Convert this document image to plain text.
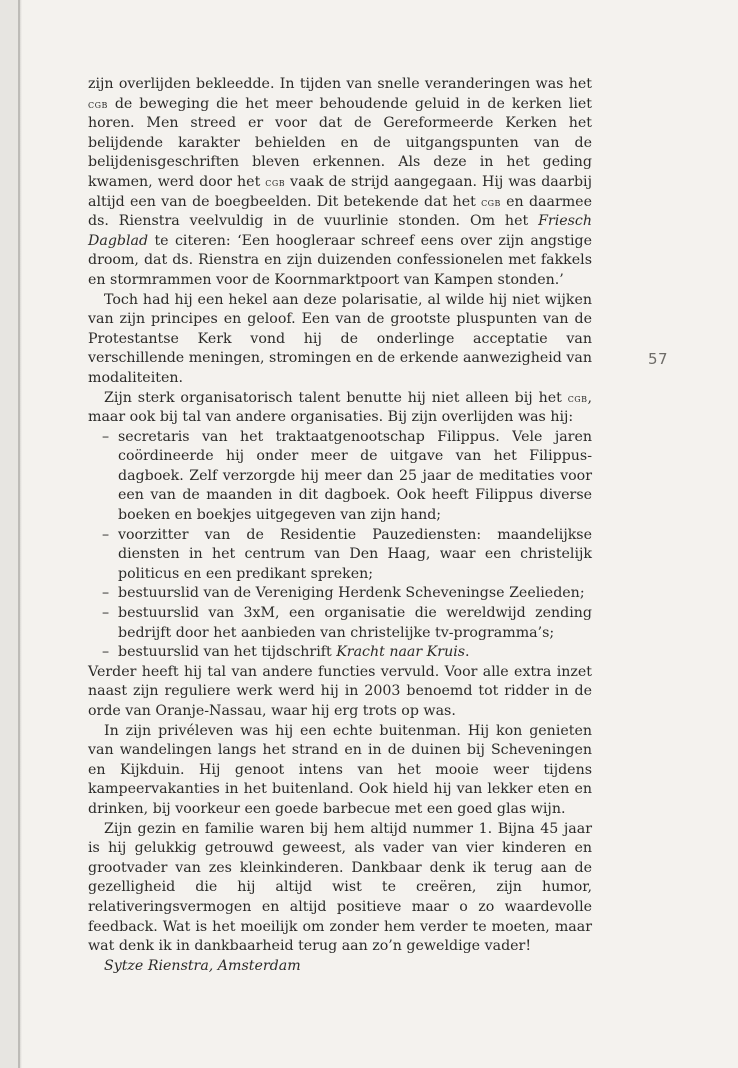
zijn overlijden bekleedde. In tijden van snelle veranderingen was het cgb de beweging die het meer behoudende geluid in de kerken liet horen. Men streed er voor dat de Gereformeerde Kerken het belijdende karakter behielden en de uitgangspunten van de belijdenisgeschriften bleven erkennen. Als deze in het geding kwamen, werd door het cgb vaak de strijd aangegaan. Hij was daarbij altijd een van de boegbeelden. Dit betekende dat het cgb en daarmee ds. Rienstra veelvuldig in de vuurlinie stonden. Om het Friesch Dagblad te citeren: ‘Een hoogleraar schreef eens over zijn angstige droom, dat ds. Rienstra en zijn duizenden confessionelen met fakkels en stormrammen voor de Koornmarktpoort van Kampen stonden.’

Toch had hij een hekel aan deze polarisatie, al wilde hij niet wijken van zijn principes en geloof. Een van de grootste pluspunten van de Protestantse Kerk vond hij de onderlinge acceptatie van verschillende meningen, stromingen en de erkende aanwezigheid van modaliteiten.

Zijn sterk organisatorisch talent benutte hij niet alleen bij het cgb, maar ook bij tal van andere organisaties. Bij zijn overlijden was hij:

– secretaris van het traktaatgenootschap Filippus. Vele jaren coördineerde hij onder meer de uitgave van het Filippus-dagboek. Zelf verzorgde hij meer dan 25 jaar de meditaties voor een van de maanden in dit dagboek. Ook heeft Filippus diverse boeken en boekjes uitgegeven van zijn hand;
– voorzitter van de Residentie Pauzediensten: maandelijkse diensten in het centrum van Den Haag, waar een christelijk politicus en een predikant spreken;
– bestuurslid van de Vereniging Herdenk Scheveningse Zeelieden;
– bestuurslid van 3xM, een organisatie die wereldwijd zending bedrijft door het aanbieden van christelijke tv-programma’s;
– bestuurslid van het tijdschrift Kracht naar Kruis.

Verder heeft hij tal van andere functies vervuld. Voor alle extra inzet naast zijn reguliere werk werd hij in 2003 benoemd tot ridder in de orde van Oranje-Nassau, waar hij erg trots op was.

In zijn privéleven was hij een echte buitenman. Hij kon genieten van wandelingen langs het strand en in de duinen bij Scheveningen en Kijkduin. Hij genoot intens van het mooie weer tijdens kampeervakanties in het buitenland. Ook hield hij van lekker eten en drinken, bij voorkeur een goede barbecue met een goed glas wijn.

Zijn gezin en familie waren bij hem altijd nummer 1. Bijna 45 jaar is hij gelukkig getrouwd geweest, als vader van vier kinderen en grootvader van zes kleinkinderen. Dankbaar denk ik terug aan de gezelligheid die hij altijd wist te creëren, zijn humor, relativeringsvermogen en altijd positieve maar o zo waardevolle feedback. Wat is het moeilijk om zonder hem verder te moeten, maar wat denk ik in dankbaarheid terug aan zo’n geweldige vader!

Sytze Rienstra, Amsterdam

57
